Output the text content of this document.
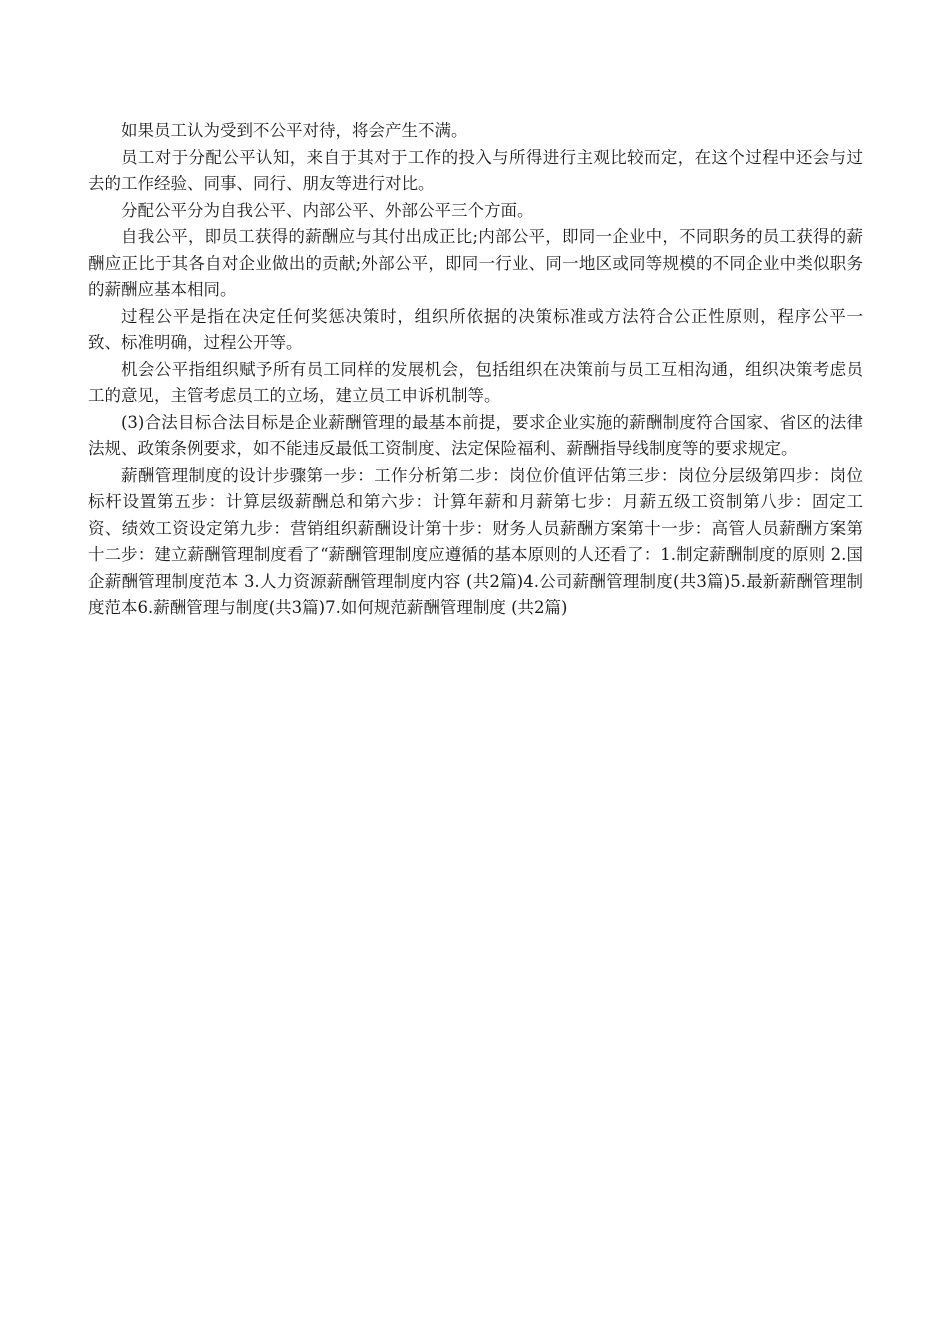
如果员工认为受到不公平对待，将会产生不满。

员工对于分配公平认知，来自于其对于工作的投入与所得进行主观比较而定，在这个过程中还会与过去的工作经验、同事、同行、朋友等进行对比。

分配公平分为自我公平、内部公平、外部公平三个方面。

自我公平，即员工获得的薪酬应与其付出成正比;内部公平，即同一企业中，不同职务的员工获得的薪酬应正比于其各自对企业做出的贡献;外部公平，即同一行业、同一地区或同等规模的不同企业中类似职务的薪酬应基本相同。

过程公平是指在决定任何奖惩决策时，组织所依据的决策标准或方法符合公正性原则，程序公平一致、标准明确，过程公开等。

机会公平指组织赋予所有员工同样的发展机会，包括组织在决策前与员工互相沟通，组织决策考虑员工的意见，主管考虑员工的立场，建立员工申诉机制等。

(3)合法目标合法目标是企业薪酬管理的最基本前提，要求企业实施的薪酬制度符合国家、省区的法律法规、政策条例要求，如不能违反最低工资制度、法定保险福利、薪酬指导线制度等的要求规定。

薪酬管理制度的设计步骤第一步：工作分析第二步：岗位价值评估第三步：岗位分层级第四步：岗位标杆设置第五步：计算层级薪酬总和第六步：计算年薪和月薪第七步：月薪五级工资制第八步：固定工资、绩效工资设定第九步：营销组织薪酬设计第十步：财务人员薪酬方案第十一步：高管人员薪酬方案第十二步：建立薪酬管理制度看了“薪酬管理制度应遵循的基本原则的人还看了：1.制定薪酬制度的原则 2.国企薪酬管理制度范本 3.人力资源薪酬管理制度内容 (共2篇)4.公司薪酬管理制度(共3篇)5.最新薪酬管理制度范本6.薪酬管理与制度(共3篇)7.如何规范薪酬管理制度 (共2篇)
